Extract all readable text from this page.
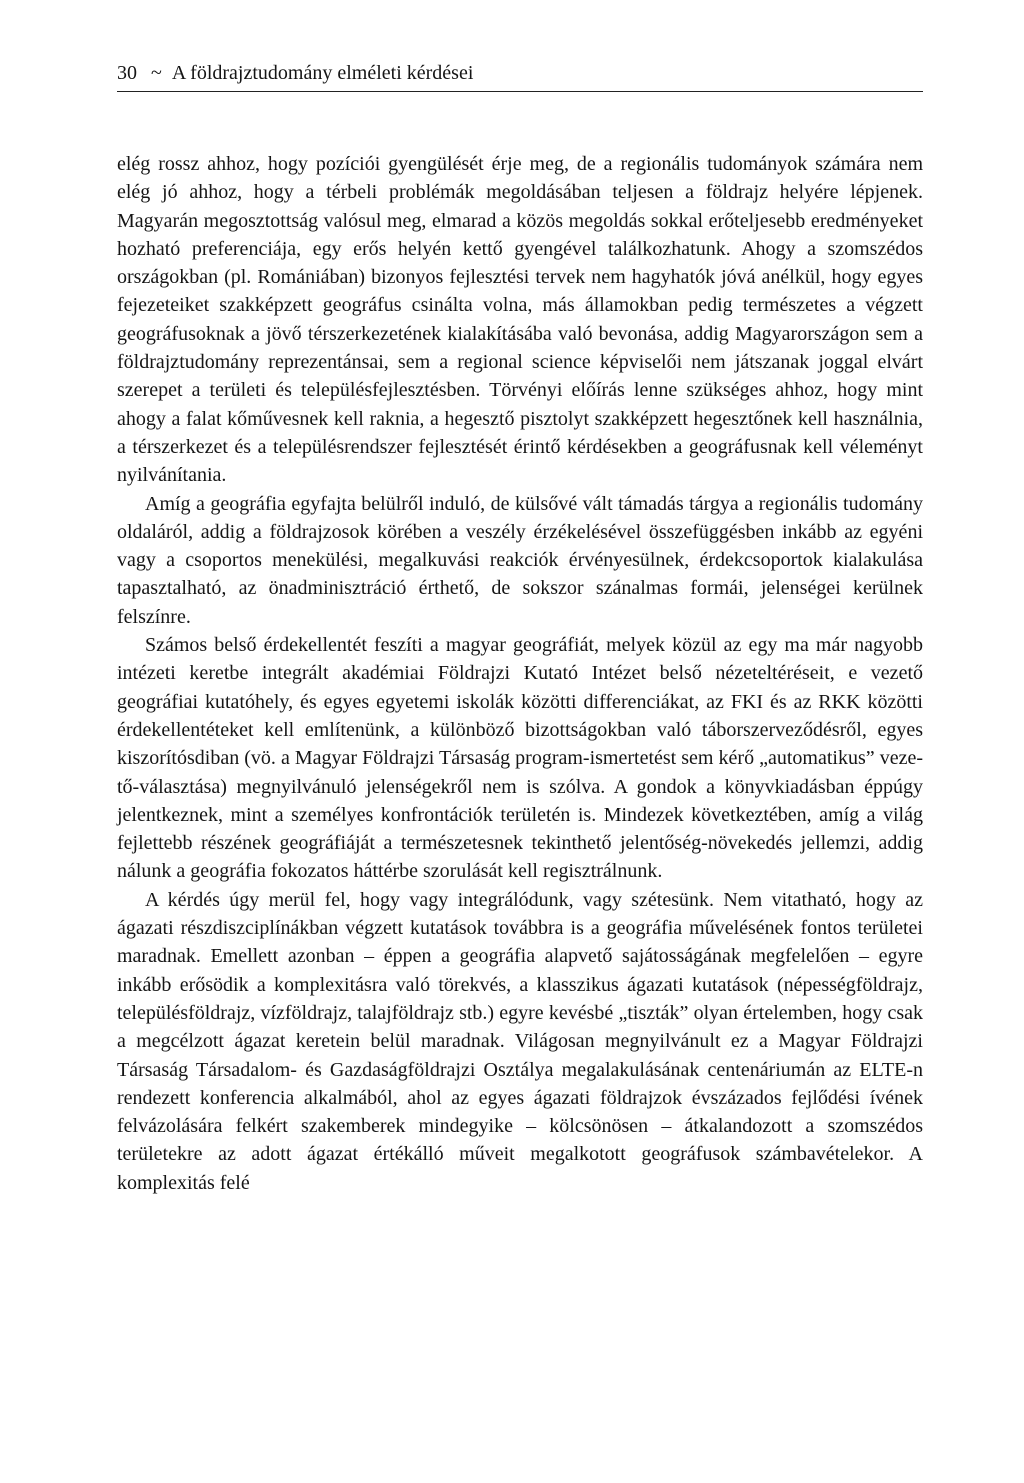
30 ~ A földrajztudomány elméleti kérdései

elég rossz ahhoz, hogy pozíciói gyengülését érje meg, de a regionális tudományok számára nem elég jó ahhoz, hogy a térbeli problémák megoldásában teljesen a földrajz helyére lépjenek. Magyarán megosztottság valósul meg, elmarad a közös megoldás sokkal erőteljesebb eredményeket hozható preferenciája, egy erős helyén kettő gyengével találkozhatunk. Ahogy a szomszédos országokban (pl. Romániában) bizonyos fejlesztési tervek nem hagyhatók jóvá anélkül, hogy egyes fejezeteiket szakképzett geográfus csinálta volna, más államokban pedig természetes a végzett geográfusoknak a jövő térszerkezetének kialakításába való bevonása, addig Magyarországon sem a földrajztudomány reprezentánsai, sem a regional science képviselői nem játszanak joggal elvárt szerepet a területi és településfejlesztésben. Törvényi előírás lenne szükséges ahhoz, hogy mint ahogy a falat kőművesnek kell raknia, a hegesztő pisztolyt szakképzett hegesztőnek kell használnia, a térszerkezet és a településrendszer fejlesztését érintő kérdésekben a geográfusnak kell véleményt nyilvánítania.

Amíg a geográfia egyfajta belülről induló, de külsővé vált támadás tárgya a regionális tudomány oldaláról, addig a földrajzosok körében a veszély érzékelésével összefüggésben inkább az egyéni vagy a csoportos menekülési, megalkuvási reakciók érvényesülnek, érdekcsoportok kialakulása tapasztalható, az önadminisztráció érthető, de sokszor szánalmas formái, jelenségei kerülnek felszínre.

Számos belső érdekellentét feszíti a magyar geográfiát, melyek közül az egy ma már nagyobb intézeti keretbe integrált akadémiai Földrajzi Kutató Intézet belső nézeteltéréseit, e vezető geográfiai kutatóhely, és egyes egyetemi iskolák közötti differenciákat, az FKI és az RKK közötti érdekellentéteket kell említenünk, a különböző bizottságokban való táborszerveződésről, egyes kiszorítósdiban (vö. a Magyar Földrajzi Társaság program-ismertetést sem kérő „automatikus” vezető-választása) megnyilvánuló jelenségekről nem is szólva. A gondok a könyvkiadásban éppúgy jelentkeznek, mint a személyes konfrontációk területén is. Mindezek következtében, amíg a világ fejlettebb részének geográfiáját a természetesnek tekinthető jelentőség-növekedés jellemzi, addig nálunk a geográfia fokozatos háttérbe szorulását kell regisztrálnunk.

A kérdés úgy merül fel, hogy vagy integrálódunk, vagy szétesünk. Nem vitatható, hogy az ágazati részdiszciplínákban végzett kutatások továbbra is a geográfia művelésének fontos területei maradnak. Emellett azonban – éppen a geográfia alapvető sajátosságának megfelelően – egyre inkább erősödik a komplexitásra való törekvés, a klasszikus ágazati kutatások (népességföldrajz, településföldrajz, vízföldrajz, talajföldrajz stb.) egyre kevésbé „tiszták” olyan értelemben, hogy csak a megcélzott ágazat keretein belül maradnak. Világosan megnyilvánult ez a Magyar Földrajzi Társaság Társadalom- és Gazdaságföldrajzi Osztálya megalakulásának centenáriumán az ELTE-n rendezett konferencia alkalmából, ahol az egyes ágazati földrajzok évszázados fejlődési ívének felvázolására felkért szakemberek mindegyike – kölcsönösen – átkalandozott a szomszédos területekre az adott ágazat értékálló műveit megalkotott geográfusok számbavételekor. A komplexitás felé
